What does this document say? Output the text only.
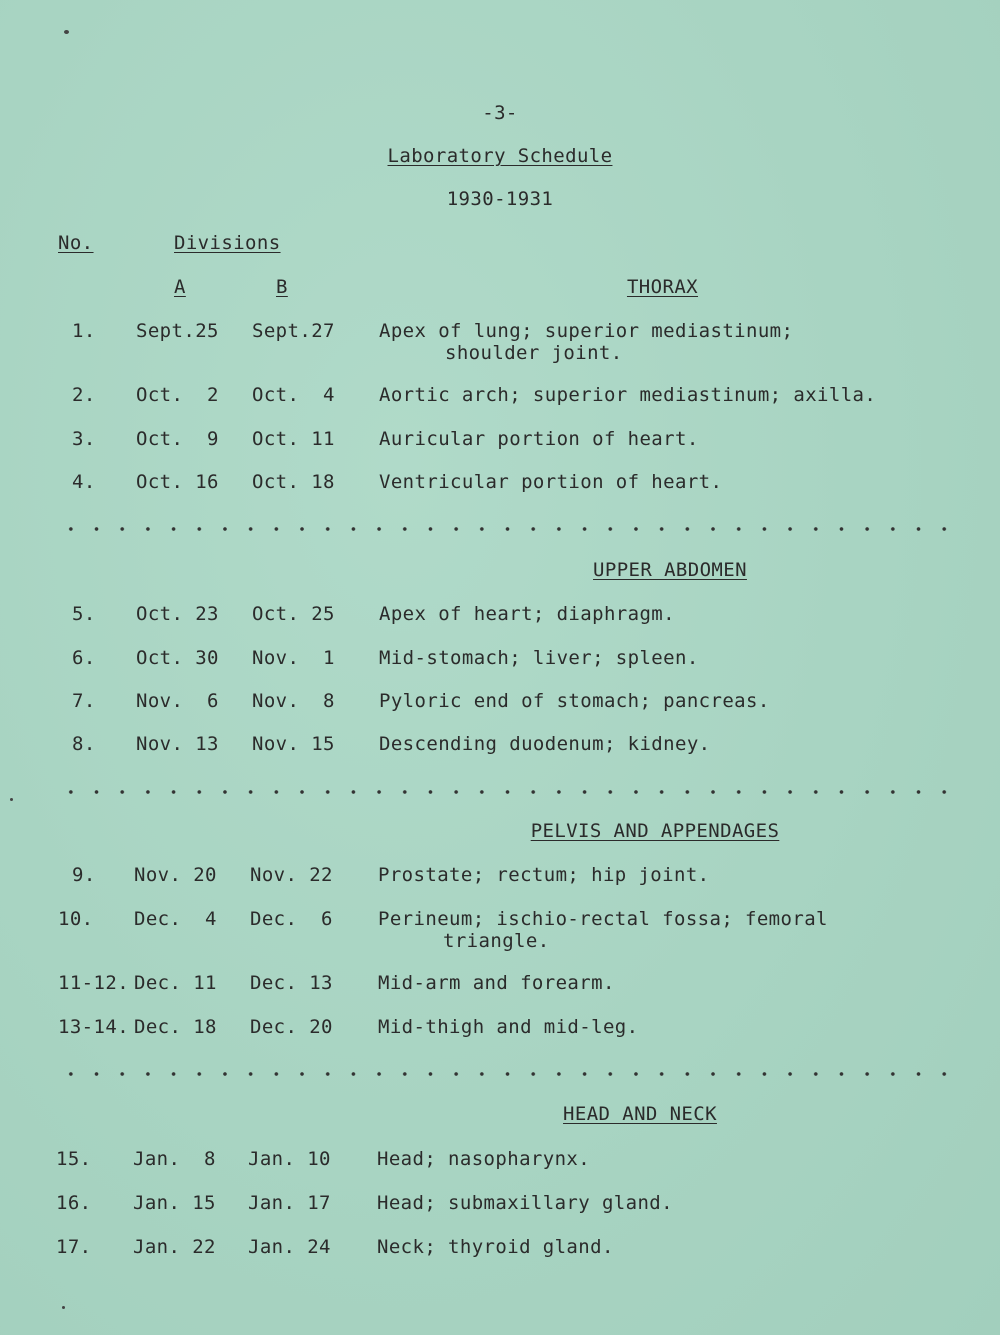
-3-
Laboratory Schedule
1930-1931
No.	Divisions
A	B	THORAX
1. Sept.25 Sept.27 Apex of lung; superior mediastinum;
shoulder joint.
2. Oct.  2 Oct.  4 Aortic arch; superior mediastinum; axilla.
3. Oct.  9 Oct. 11 Auricular portion of heart.
4. Oct. 16 Oct. 18 Ventricular portion of heart.
UPPER ABDOMEN
5. Oct. 23 Oct. 25 Apex of heart; diaphragm.
6. Oct. 30 Nov.  1 Mid-stomach; liver; spleen.
7. Nov.  6 Nov.  8 Pyloric end of stomach; pancreas.
8. Nov. 13 Nov. 15 Descending duodenum; kidney.
PELVIS AND APPENDAGES
9. Nov. 20 Nov. 22 Prostate; rectum; hip joint.
10. Dec.  4 Dec.  6 Perineum; ischio-rectal fossa; femoral
triangle.
11-12. Dec. 11 Dec. 13 Mid-arm and forearm.
13-14. Dec. 18 Dec. 20 Mid-thigh and mid-leg.
HEAD AND NECK
15. Jan.  8 Jan. 10 Head; nasopharynx.
16. Jan. 15 Jan. 17 Head; submaxillary gland.
17. Jan. 22 Jan. 24 Neck; thyroid gland.
